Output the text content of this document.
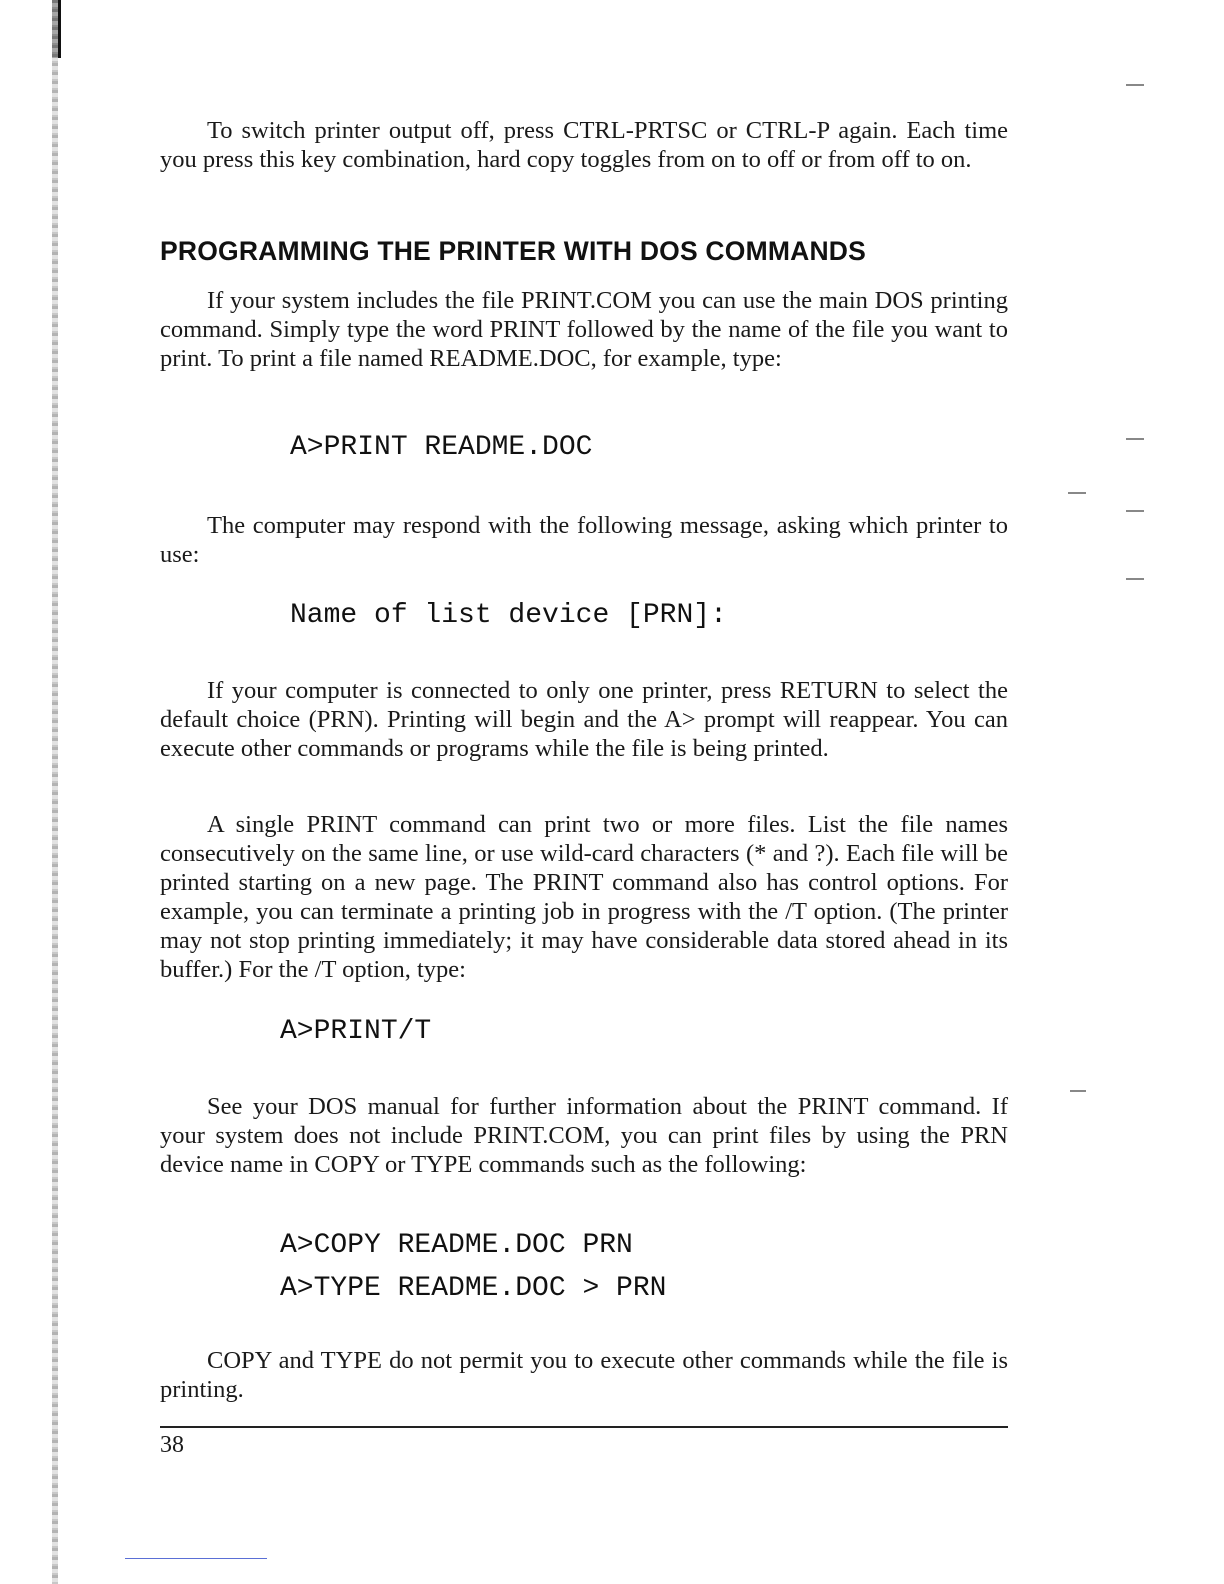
To switch printer output off, press CTRL-PRTSC or CTRL-P again. Each time you press this key combination, hard copy toggles from on to off or from off to on.

PROGRAMMING THE PRINTER WITH DOS COMMANDS

If your system includes the file PRINT.COM you can use the main DOS printing command. Simply type the word PRINT followed by the name of the file you want to print. To print a file named README.DOC, for example, type:

A>PRINT README.DOC

The computer may respond with the following message, asking which printer to use:

Name of list device [PRN]:

If your computer is connected to only one printer, press RETURN to select the default choice (PRN). Printing will begin and the A> prompt will reappear. You can execute other commands or programs while the file is being printed.

A single PRINT command can print two or more files. List the file names consecutively on the same line, or use wild-card characters (* and ?). Each file will be printed starting on a new page. The PRINT command also has control options. For example, you can terminate a printing job in progress with the /T option. (The printer may not stop printing immediately; it may have considerable data stored ahead in its buffer.) For the /T option, type:

A>PRINT/T

See your DOS manual for further information about the PRINT command. If your system does not include PRINT.COM, you can print files by using the PRN device name in COPY or TYPE commands such as the following:

A>COPY README.DOC PRN
A>TYPE README.DOC > PRN

COPY and TYPE do not permit you to execute other commands while the file is printing.

38
